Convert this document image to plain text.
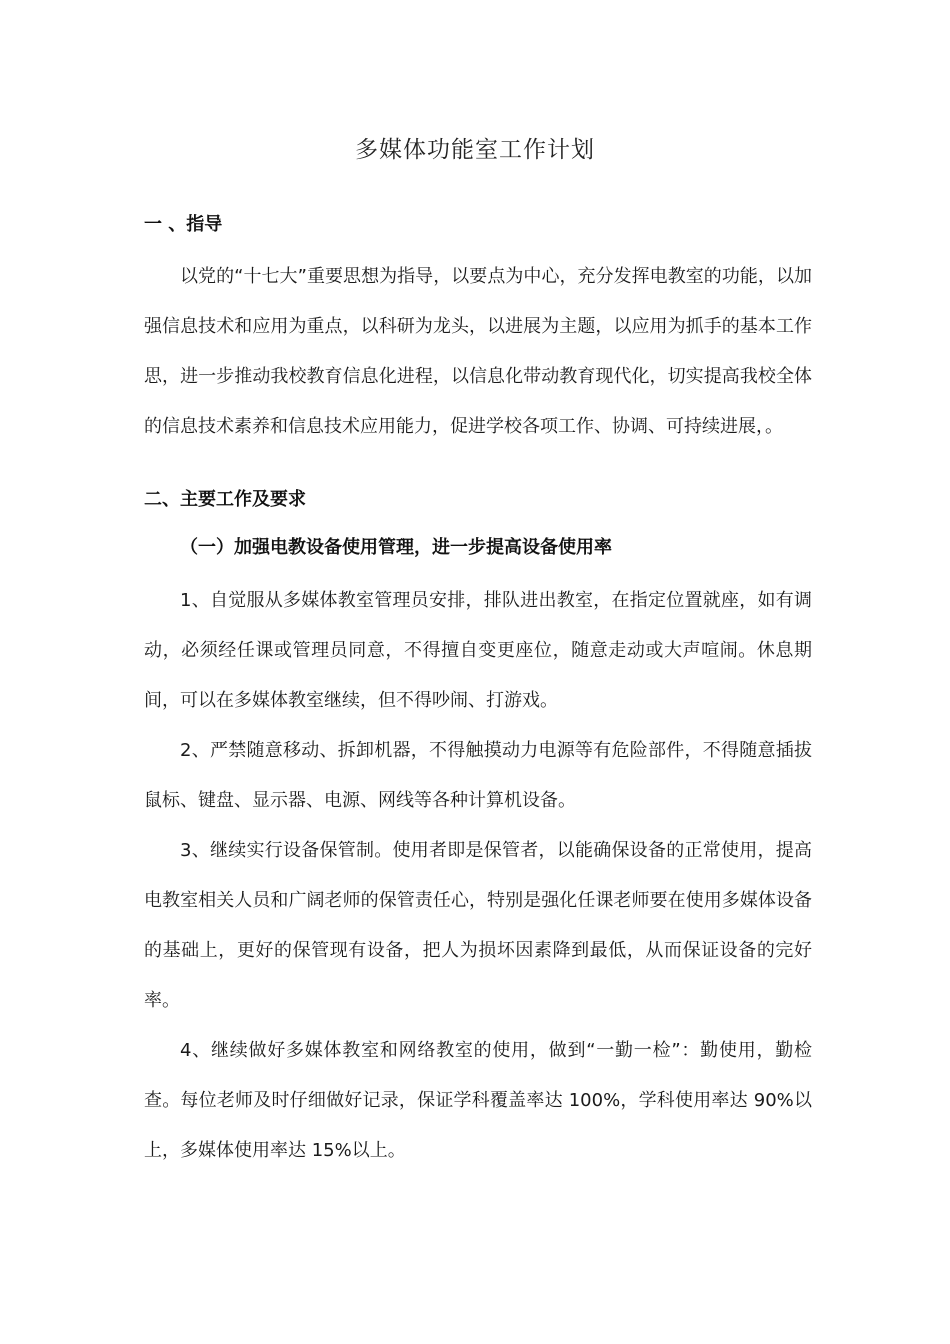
多媒体功能室工作计划

一 、指导

以党的“十七大”重要思想为指导，以要点为中心，充分发挥电教室的功能，以加强信息技术和应用为重点，以科研为龙头，以进展为主题，以应用为抓手的基本工作思，进一步推动我校教育信息化进程，以信息化带动教育现代化，切实提高我校全体的信息技术素养和信息技术应用能力，促进学校各项工作、协调、可持续进展，。

二、主要工作及要求

（一）加强电教设备使用管理，进一步提高设备使用率

1、自觉服从多媒体教室管理员安排，排队进出教室，在指定位置就座，如有调动，必须经任课或管理员同意，不得擅自变更座位，随意走动或大声喧闹。休息期间，可以在多媒体教室继续，但不得吵闹、打游戏。

2、严禁随意移动、拆卸机器，不得触摸动力电源等有危险部件，不得随意插拔鼠标、键盘、显示器、电源、网线等各种计算机设备。

3、继续实行设备保管制。使用者即是保管者，以能确保设备的正常使用，提高电教室相关人员和广阔老师的保管责任心，特别是强化任课老师要在使用多媒体设备的基础上，更好的保管现有设备，把人为损坏因素降到最低，从而保证设备的完好率。

4、继续做好多媒体教室和网络教室的使用，做到“一勤一检”：勤使用，勤检查。每位老师及时仔细做好记录，保证学科覆盖率达 100%，学科使用率达 90%以上，多媒体使用率达 15%以上。
